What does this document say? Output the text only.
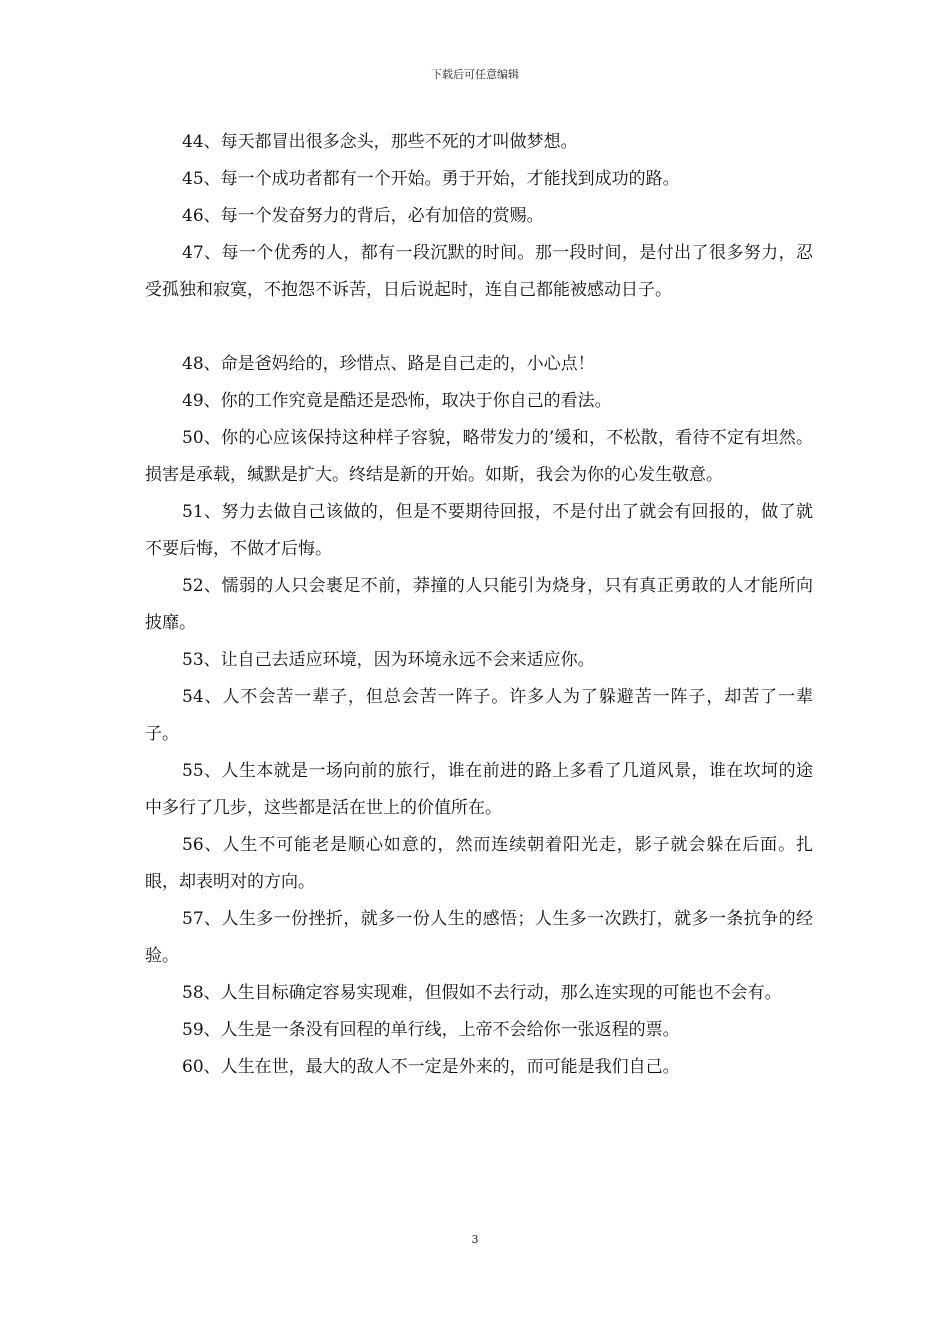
下载后可任意编辑

44、每天都冒出很多念头，那些不死的才叫做梦想。

45、每一个成功者都有一个开始。勇于开始，才能找到成功的路。

46、每一个发奋努力的背后，必有加倍的赏赐。

47、每一个优秀的人，都有一段沉默的时间。那一段时间，是付出了很多努力，忍受孤独和寂寞，不抱怨不诉苦，日后说起时，连自己都能被感动日子。

48、命是爸妈给的，珍惜点、路是自己走的，小心点！

49、你的工作究竟是酷还是恐怖，取决于你自己的看法。

50、你的心应该保持这种样子容貌，略带发力的’缓和，不松散，看待不定有坦然。损害是承载，缄默是扩大。终结是新的开始。如斯，我会为你的心发生敬意。

51、努力去做自己该做的，但是不要期待回报，不是付出了就会有回报的，做了就不要后悔，不做才后悔。

52、懦弱的人只会裹足不前，莽撞的人只能引为烧身，只有真正勇敢的人才能所向披靡。

53、让自己去适应环境，因为环境永远不会来适应你。

54、人不会苦一辈子，但总会苦一阵子。许多人为了躲避苦一阵子，却苦了一辈子。

55、人生本就是一场向前的旅行，谁在前进的路上多看了几道风景，谁在坎坷的途中多行了几步，这些都是活在世上的价值所在。

56、人生不可能老是顺心如意的，然而连续朝着阳光走，影子就会躲在后面。扎眼，却表明对的方向。

57、人生多一份挫折，就多一份人生的感悟；人生多一次跌打，就多一条抗争的经验。

58、人生目标确定容易实现难，但假如不去行动，那么连实现的可能也不会有。

59、人生是一条没有回程的单行线，上帝不会给你一张返程的票。

60、人生在世，最大的敌人不一定是外来的，而可能是我们自己。

3
